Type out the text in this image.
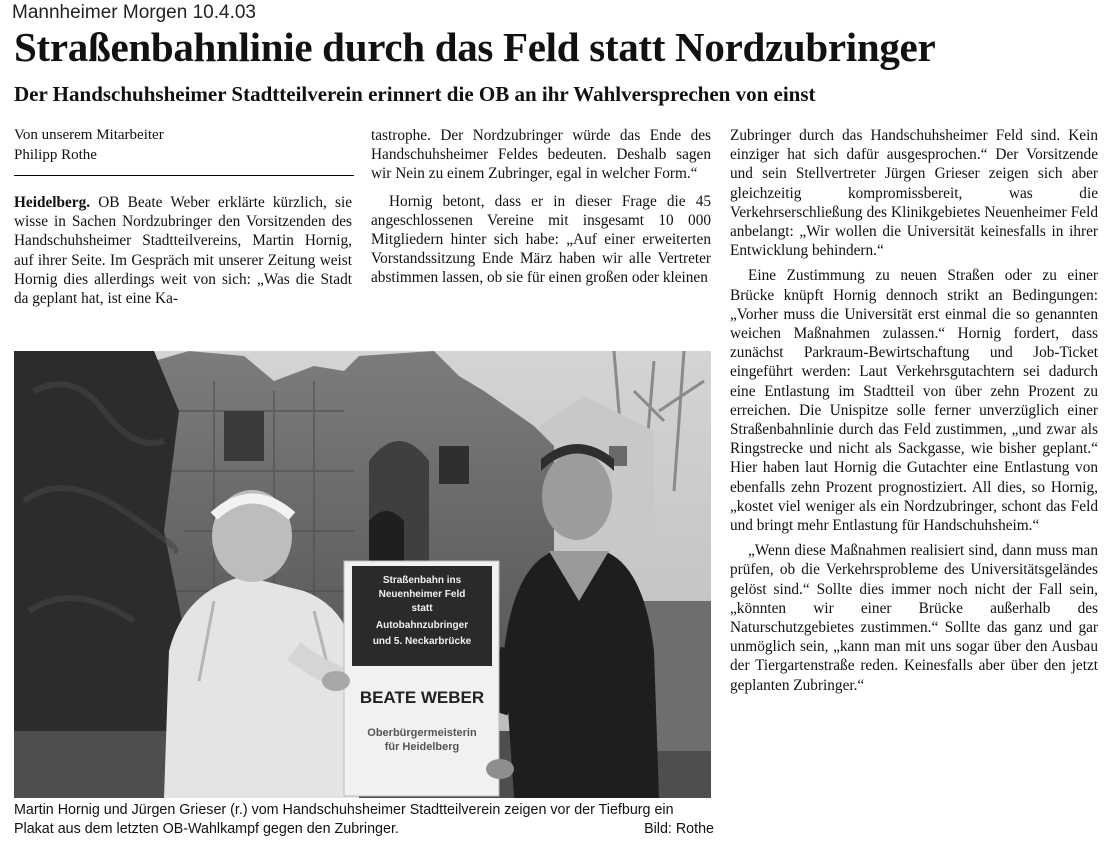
Mannheimer Morgen 10.4.03
Straßenbahnlinie durch das Feld statt Nordzubringer
Der Handschuhsheimer Stadtteilverein erinnert die OB an ihr Wahlversprechen von einst
Von unserem Mitarbeiter
Philipp Rothe

Heidelberg. OB Beate Weber erklärte kürzlich, sie wisse in Sachen Nordzubringer den Vorsitzenden des Handschuhsheimer Stadtteilvereins, Martin Hornig, auf ihrer Seite. Im Gespräch mit unserer Zeitung weist Hornig dies allerdings weit von sich: „Was die Stadt da geplant hat, ist eine Ka-

tastrophe. Der Nordzubringer würde das Ende des Handschuhsheimer Feldes bedeuten. Deshalb sagen wir Nein zu einem Zubringer, egal in welcher Form.“

Hornig betont, dass er in dieser Frage die 45 angeschlossenen Vereine mit insgesamt 10 000 Mitgliedern hinter sich habe: „Auf einer erweiterten Vorstandssitzung Ende März haben wir alle Vertreter abstimmen lassen, ob sie für einen großen oder kleinen

Zubringer durch das Handschuhsheimer Feld sind. Kein einziger hat sich dafür ausgesprochen.“ Der Vorsitzende und sein Stellvertreter Jürgen Grieser zeigen sich aber gleichzeitig kompromissbereit, was die Verkehrserschließung des Klinikgebietes Neuenheimer Feld anbelangt: „Wir wollen die Universität keinesfalls in ihrer Entwicklung behindern.“

Eine Zustimmung zu neuen Straßen oder zu einer Brücke knüpft Hornig dennoch strikt an Bedingungen: „Vorher muss die Universität erst einmal die so genannten weichen Maßnahmen zulassen.“ Hornig fordert, dass zunächst Parkraum-Bewirtschaftung und Job-Ticket eingeführt werden: Laut Verkehrsgutachtern sei dadurch eine Entlastung im Stadtteil von über zehn Prozent zu erreichen. Die Unispitze solle ferner unverzüglich einer Straßenbahnlinie durch das Feld zustimmen, „und zwar als Ringstrecke und nicht als Sackgasse, wie bisher geplant.“ Hier haben laut Hornig die Gutachter eine Entlastung von ebenfalls zehn Prozent prognostiziert. All dies, so Hornig, „kostet viel weniger als ein Nordzubringer, schont das Feld und bringt mehr Entlastung für Handschuhsheim.“

„Wenn diese Maßnahmen realisiert sind, dann muss man prüfen, ob die Verkehrsprobleme des Universitätsgeländes gelöst sind.“ Sollte dies immer noch nicht der Fall sein, „könnten wir einer Brücke außerhalb des Naturschutzgebietes zustimmen.“ Sollte das ganz und gar unmöglich sein, „kann man mit uns sogar über den Ausbau der Tiergartenstraße reden. Keinesfalls aber über den jetzt geplanten Zubringer.“

Straßenbahn ins
Neuenheimer Feld
statt
Autobahnzubringer
und 5. Neckarbrücke
BEATE WEBER
Oberbürgermeisterin
für Heidelberg
Martin Hornig und Jürgen Grieser (r.) vom Handschuhsheimer Stadtteilverein zeigen vor der Tiefburg ein Plakat aus dem letzten OB-Wahlkampf gegen den Zubringer.	Bild: Rothe
